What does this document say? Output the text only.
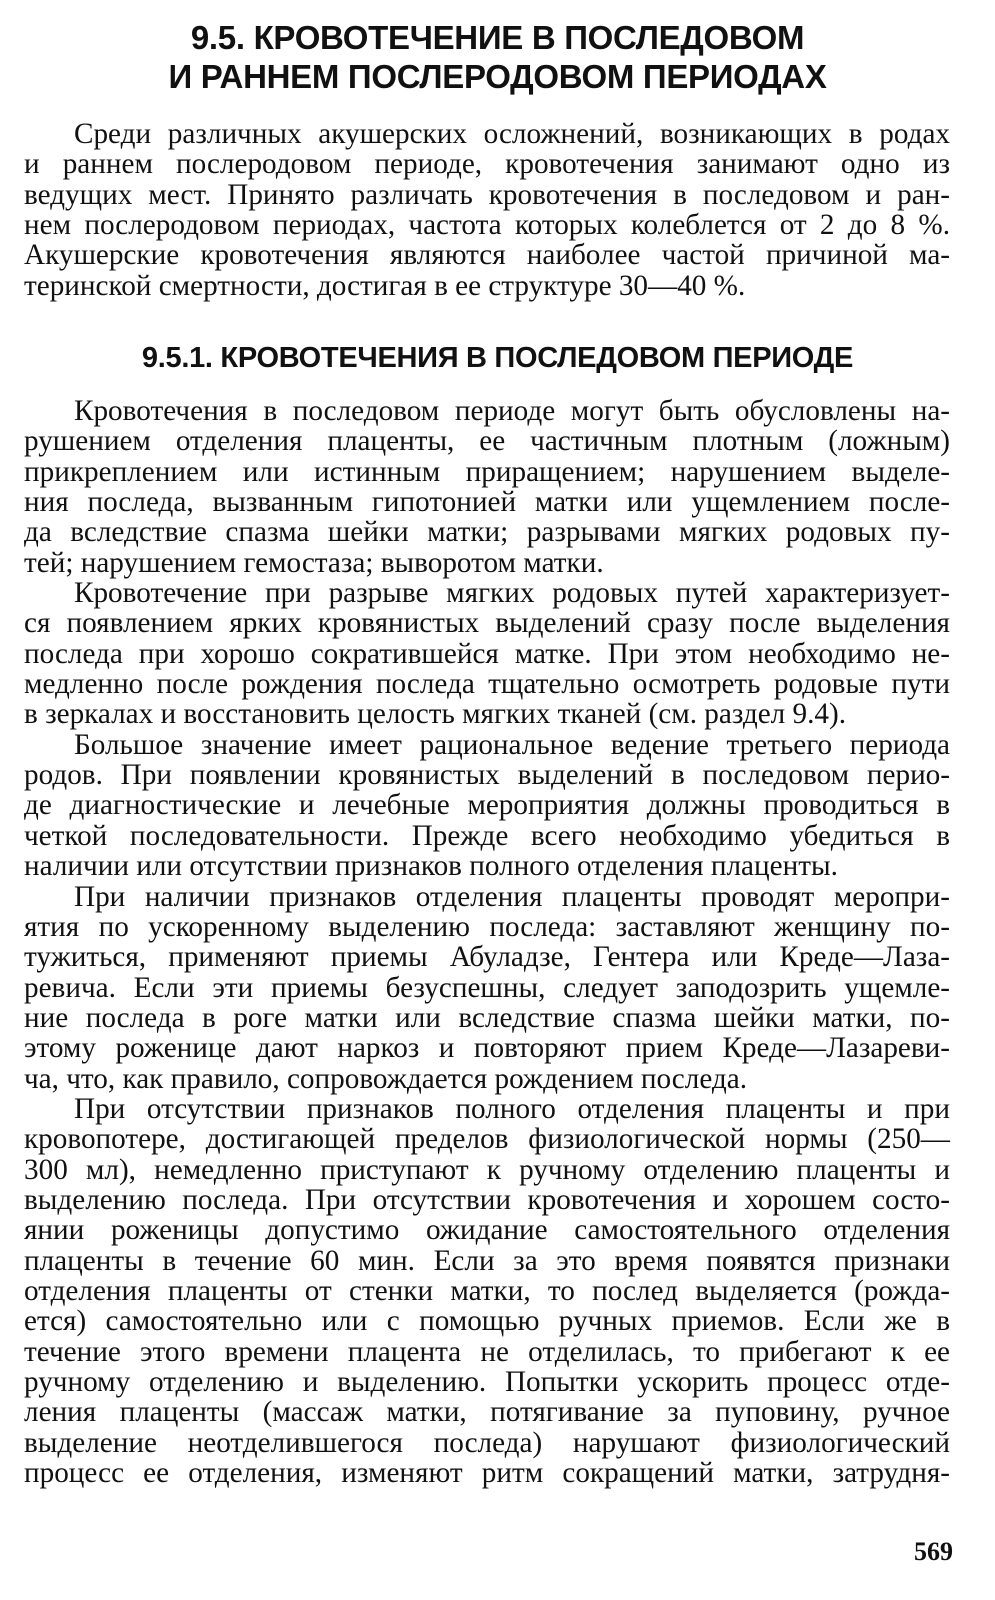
9.5. КРОВОТЕЧЕНИЕ В ПОСЛЕДОВОМ
И РАННЕМ ПОСЛЕРОДОВОМ ПЕРИОДАХ
Среди различных акушерских осложнений, возникающих в родах
и раннем послеродовом периоде, кровотечения занимают одно из
ведущих мест. Принято различать кровотечения в последовом и ран-
нем послеродовом периодах, частота которых колеблется от 2 до 8 %.
Акушерские кровотечения являются наиболее частой причиной ма-
теринской смертности, достигая в ее структуре 30—40 %.
9.5.1. КРОВОТЕЧЕНИЯ В ПОСЛЕДОВОМ ПЕРИОДЕ
Кровотечения в последовом периоде могут быть обусловлены на-
рушением отделения плаценты, ее частичным плотным (ложным)
прикреплением или истинным приращением; нарушением выделе-
ния последа, вызванным гипотонией матки или ущемлением после-
да вследствие спазма шейки матки; разрывами мягких родовых пу-
тей; нарушением гемостаза; выворотом матки.
Кровотечение при разрыве мягких родовых путей характеризует-
ся появлением ярких кровянистых выделений сразу после выделения
последа при хорошо сократившейся матке. При этом необходимо не-
медленно после рождения последа тщательно осмотреть родовые пути
в зеркалах и восстановить целость мягких тканей (см. раздел 9.4).
Большое значение имеет рациональное ведение третьего периода
родов. При появлении кровянистых выделений в последовом перио-
де диагностические и лечебные мероприятия должны проводиться в
четкой последовательности. Прежде всего необходимо убедиться в
наличии или отсутствии признаков полного отделения плаценты.
При наличии признаков отделения плаценты проводят меропри-
ятия по ускоренному выделению последа: заставляют женщину по-
тужиться, применяют приемы Абуладзе, Гентера или Креде—Лаза-
ревича. Если эти приемы безуспешны, следует заподозрить ущемле-
ние последа в роге матки или вследствие спазма шейки матки, по-
этому роженице дают наркоз и повторяют прием Креде—Лазареви-
ча, что, как правило, сопровождается рождением последа.
При отсутствии признаков полного отделения плаценты и при
кровопотере, достигающей пределов физиологической нормы (250—
300 мл), немедленно приступают к ручному отделению плаценты и
выделению последа. При отсутствии кровотечения и хорошем состо-
янии роженицы допустимо ожидание самостоятельного отделения
плаценты в течение 60 мин. Если за это время появятся признаки
отделения плаценты от стенки матки, то послед выделяется (рожда-
ется) самостоятельно или с помощью ручных приемов. Если же в
течение этого времени плацента не отделилась, то прибегают к ее
ручному отделению и выделению. Попытки ускорить процесс отде-
ления плаценты (массаж матки, потягивание за пуповину, ручное
выделение неотделившегося последа) нарушают физиологический
процесс ее отделения, изменяют ритм сокращений матки, затрудня-
569
